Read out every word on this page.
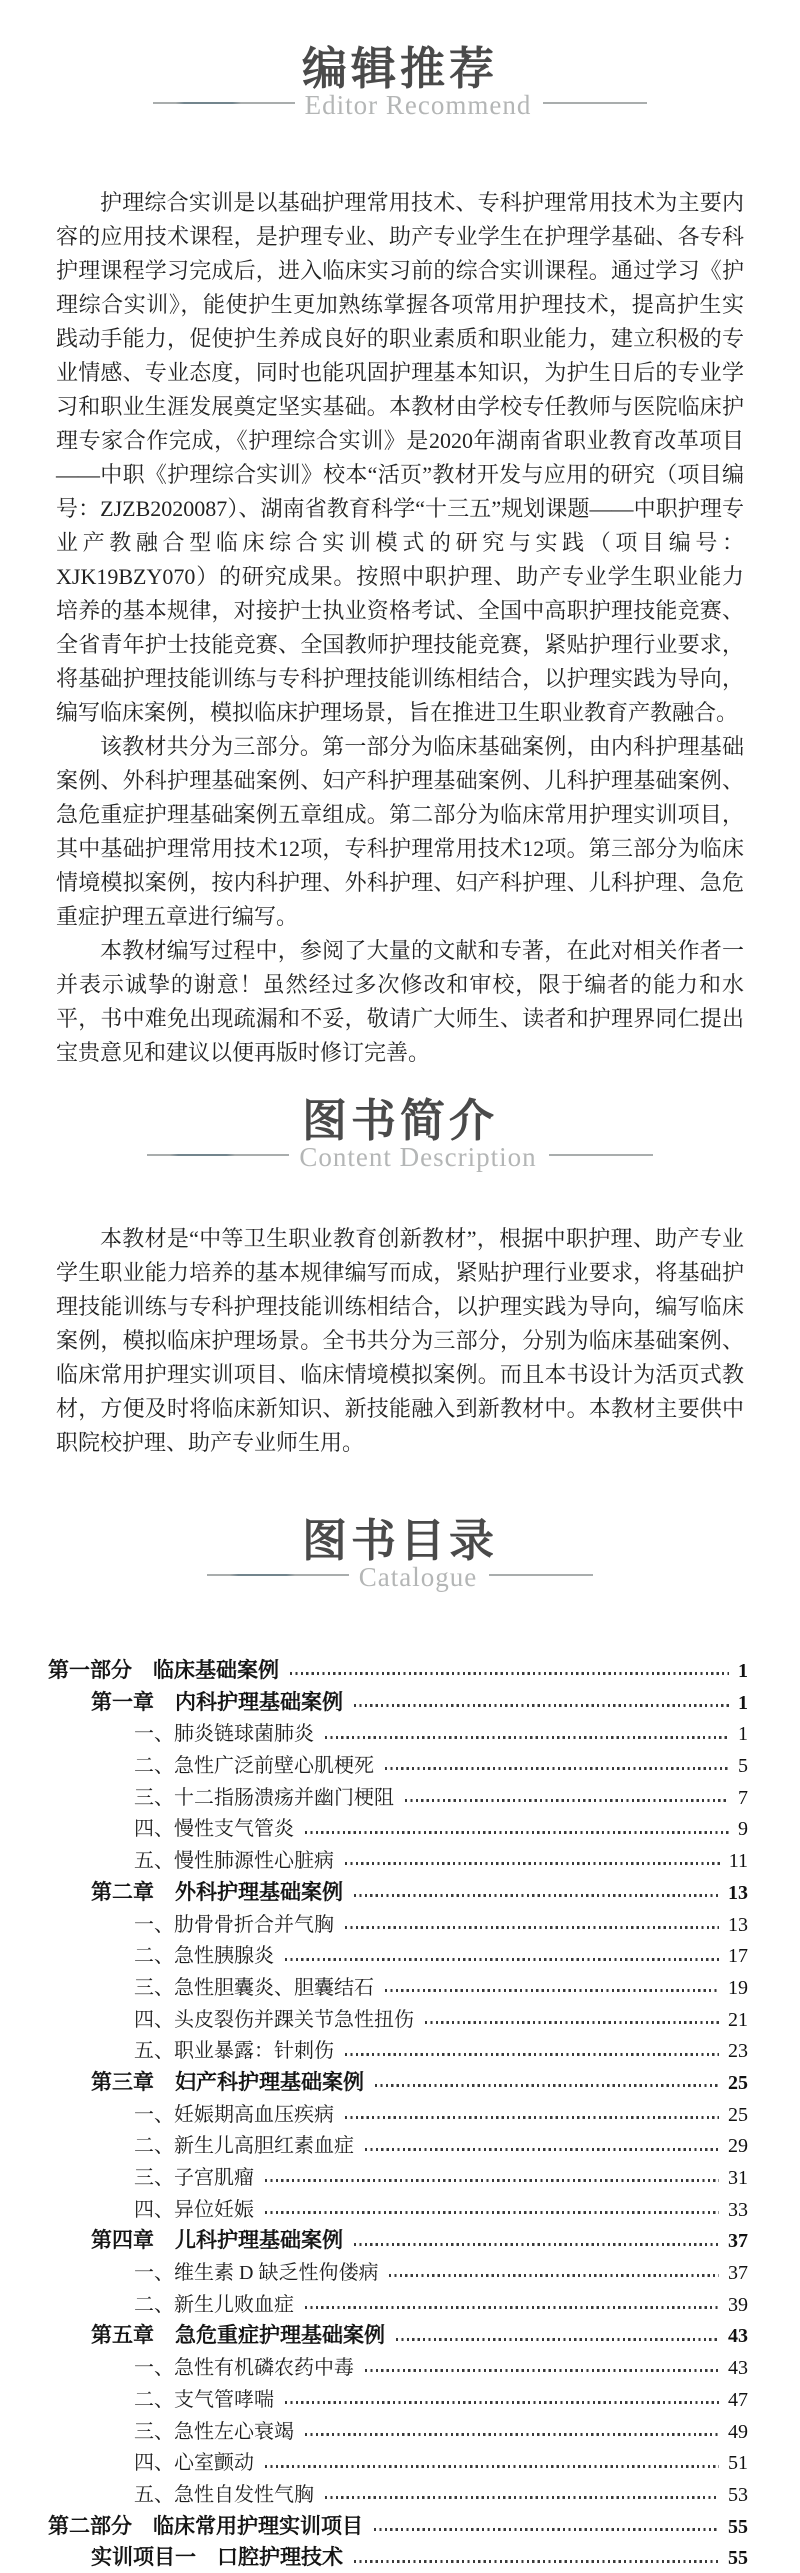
编辑推荐
Editor Recommend

护理综合实训是以基础护理常用技术、专科护理常用技术为主要内容的应用技术课程，是护理专业、助产专业学生在护理学基础、各专科护理课程学习完成后，进入临床实习前的综合实训课程。通过学习《护理综合实训》，能使护生更加熟练掌握各项常用护理技术，提高护生实践动手能力，促使护生养成良好的职业素质和职业能力，建立积极的专业情感、专业态度，同时也能巩固护理基本知识，为护生日后的专业学习和职业生涯发展奠定坚实基础。本教材由学校专任教师与医院临床护理专家合作完成，《护理综合实训》是2020年湖南省职业教育改革项目——中职《护理综合实训》校本“活页”教材开发与应用的研究（项目编号：ZJZB2020087）、湖南省教育科学“十三五”规划课题——中职护理专业产教融合型临床综合实训模式的研究与实践（项目编号：XJK19BZY070）的研究成果。按照中职护理、助产专业学生职业能力培养的基本规律，对接护士执业资格考试、全国中高职护理技能竞赛、全省青年护士技能竞赛、全国教师护理技能竞赛，紧贴护理行业要求，将基础护理技能训练与专科护理技能训练相结合，以护理实践为导向，编写临床案例，模拟临床护理场景，旨在推进卫生职业教育产教融合。

该教材共分为三部分。第一部分为临床基础案例，由内科护理基础案例、外科护理基础案例、妇产科护理基础案例、儿科护理基础案例、急危重症护理基础案例五章组成。第二部分为临床常用护理实训项目，其中基础护理常用技术12项，专科护理常用技术12项。第三部分为临床情境模拟案例，按内科护理、外科护理、妇产科护理、儿科护理、急危重症护理五章进行编写。

本教材编写过程中，参阅了大量的文献和专著，在此对相关作者一并表示诚挚的谢意！虽然经过多次修改和审校，限于编者的能力和水平，书中难免出现疏漏和不妥，敬请广大师生、读者和护理界同仁提出宝贵意见和建议以便再版时修订完善。

图书简介
Content Description

本教材是“中等卫生职业教育创新教材”，根据中职护理、助产专业学生职业能力培养的基本规律编写而成，紧贴护理行业要求，将基础护理技能训练与专科护理技能训练相结合，以护理实践为导向，编写临床案例，模拟临床护理场景。全书共分为三部分，分别为临床基础案例、临床常用护理实训项目、临床情境模拟案例。而且本书设计为活页式教材，方便及时将临床新知识、新技能融入到新教材中。本教材主要供中职院校护理、助产专业师生用。

图书目录
Catalogue
第一部分　临床基础案例	1
第一章　内科护理基础案例	1
一、肺炎链球菌肺炎	1
二、急性广泛前壁心肌梗死	5
三、十二指肠溃疡并幽门梗阻	7
四、慢性支气管炎	9
五、慢性肺源性心脏病	11
第二章　外科护理基础案例	13
一、肋骨骨折合并气胸	13
二、急性胰腺炎	17
三、急性胆囊炎、胆囊结石	19
四、头皮裂伤并踝关节急性扭伤	21
五、职业暴露：针刺伤	23
第三章　妇产科护理基础案例	25
一、妊娠期高血压疾病	25
二、新生儿高胆红素血症	29
三、子宫肌瘤	31
四、异位妊娠	33
第四章　儿科护理基础案例	37
一、维生素 D 缺乏性佝偻病	37
二、新生儿败血症	39
第五章　急危重症护理基础案例	43
一、急性有机磷农药中毒	43
二、支气管哮喘	47
三、急性左心衰竭	49
四、心室颤动	51
五、急性自发性气胸	53
第二部分　临床常用护理实训项目	55
实训项目一　口腔护理技术	55
